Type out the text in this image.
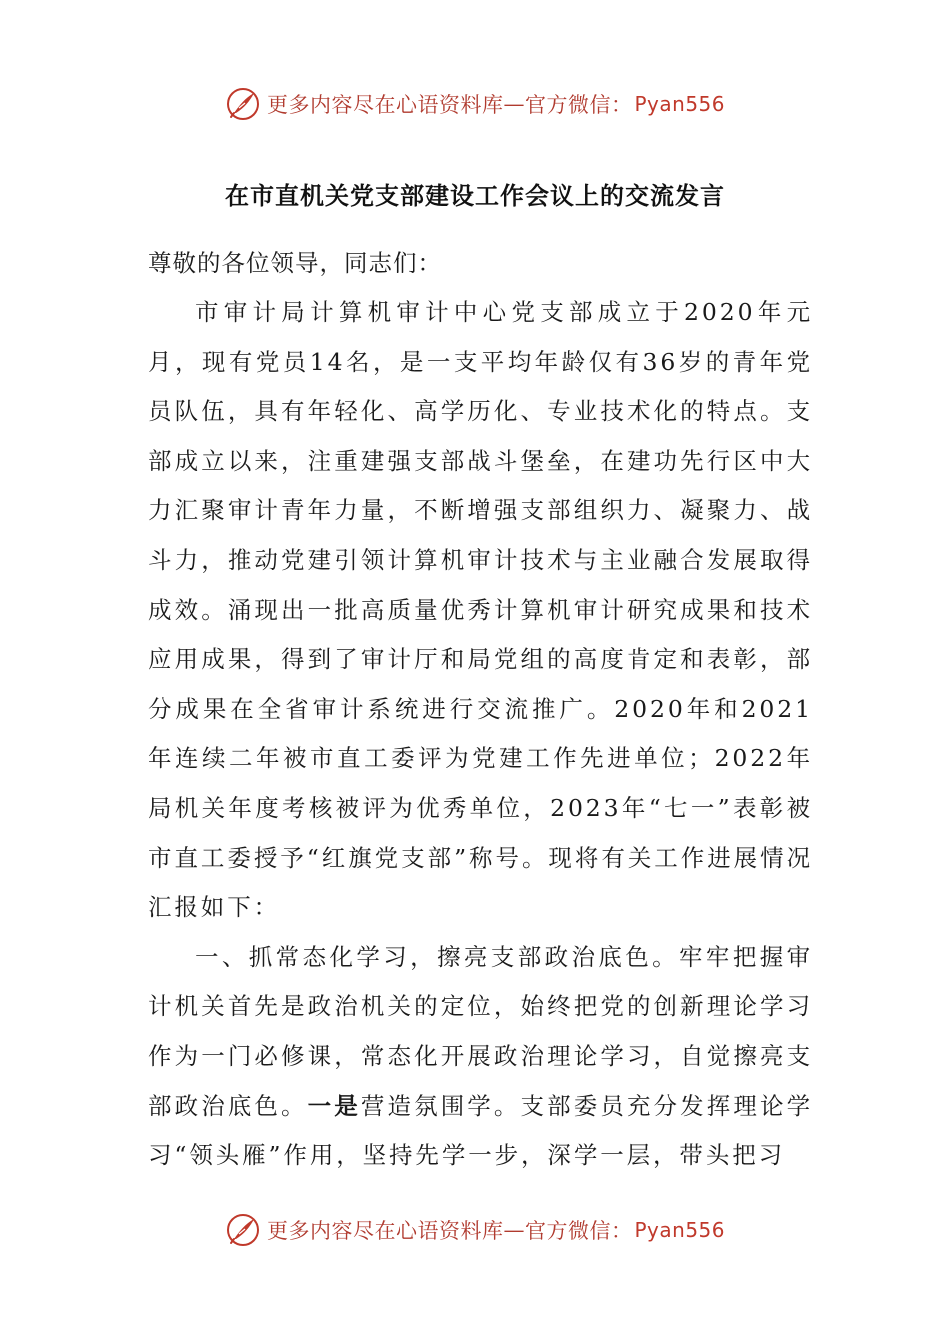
更多内容尽在心语资料库 — 官方微信： Pyan556
在市直机关党支部建设工作会议上的交流发言

尊敬的各位领导，同志们：

市审计局计算机审计中心党支部成立于2020年元月，现有党员14名，是一支平均年龄仅有36岁的青年党员队伍，具有年轻化、高学历化、专业技术化的特点。支部成立以来，注重建强支部战斗堡垒，在建功先行区中大力汇聚审计青年力量，不断增强支部组织力、凝聚力、战斗力，推动党建引领计算机审计技术与主业融合发展取得成效。涌现出一批高质量优秀计算机审计研究成果和技术应用成果，得到了审计厅和局党组的高度肯定和表彰，部分成果在全省审计系统进行交流推广。2020年和2021年连续二年被市直工委评为党建工作先进单位；2022年局机关年度考核被评为优秀单位，2023年“七一”表彰被市直工委授予“红旗党支部”称号。现将有关工作进展情况汇报如下：

一、抓常态化学习，擦亮支部政治底色。牢牢把握审计机关首先是政治机关的定位，始终把党的创新理论学习作为一门必修课，常态化开展政治理论学习，自觉擦亮支部政治底色。一是营造氛围学。支部委员充分发挥理论学习“领头雁”作用，坚持先学一步，深学一层，带头把习

更多内容尽在心语资料库 — 官方微信： Pyan556
